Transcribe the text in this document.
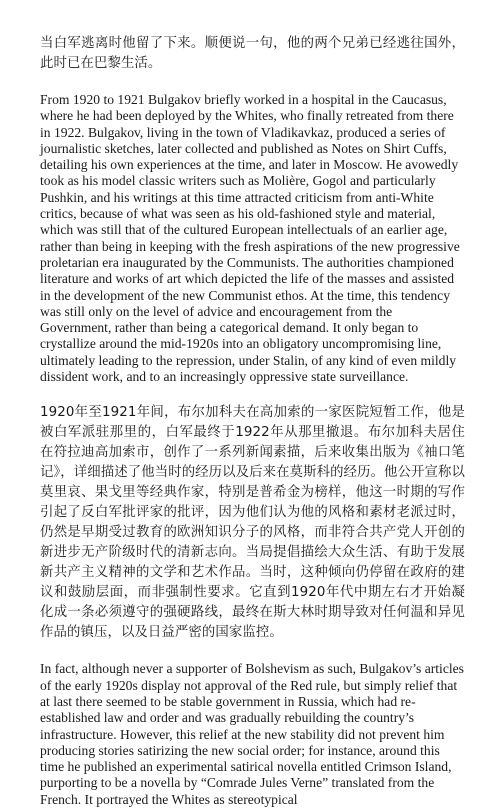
当白军逃离时他留了下来。顺便说一句，他的两个兄弟已经逃往国外，此时已在巴黎生活。

From 1920 to 1921 Bulgakov briefly worked in a hospital in the Caucasus, where he had been deployed by the Whites, who finally retreated from there in 1922. Bulgakov, living in the town of Vladikavkaz, produced a series of journalistic sketches, later collected and published as Notes on Shirt Cuffs, detailing his own experiences at the time, and later in Moscow. He avowedly took as his model classic writers such as Molière, Gogol and particularly Pushkin, and his writings at this time attracted criticism from anti-White critics, because of what was seen as his old-fashioned style and material, which was still that of the cultured European intellectuals of an earlier age, rather than being in keeping with the fresh aspirations of the new progressive proletarian era inaugurated by the Communists. The authorities championed literature and works of art which depicted the life of the masses and assisted in the development of the new Communist ethos. At the time, this tendency was still only on the level of advice and encouragement from the Government, rather than being a categorical demand. It only began to crystallize around the mid-1920s into an obligatory uncompromising line, ultimately leading to the repression, under Stalin, of any kind of even mildly dissident work, and to an increasingly oppressive state surveillance.

1920年至1921年间，布尔加科夫在高加索的一家医院短暂工作，他是被白军派驻那里的，白军最终于1922年从那里撤退。布尔加科夫居住在符拉迪高加索市，创作了一系列新闻素描，后来收集出版为《袖口笔记》，详细描述了他当时的经历以及后来在莫斯科的经历。他公开宣称以莫里哀、果戈里等经典作家，特别是普希金为榜样，他这一时期的写作引起了反白军批评家的批评，因为他们认为他的风格和素材老派过时，仍然是早期受过教育的欧洲知识分子的风格，而非符合共产党人开创的新进步无产阶级时代的清新志向。当局提倡描绘大众生活、有助于发展新共产主义精神的文学和艺术作品。当时，这种倾向仍停留在政府的建议和鼓励层面，而非强制性要求。它直到1920年代中期左右才开始凝化成一条必须遵守的强硬路线，最终在斯大林时期导致对任何温和异见作品的镇压，以及日益严密的国家监控。

In fact, although never a supporter of Bolshevism as such, Bulgakov’s articles of the early 1920s display not approval of the Red rule, but simply relief that at last there seemed to be stable government in Russia, which had re-established law and order and was gradually rebuilding the country’s infrastructure. However, this relief at the new stability did not prevent him producing stories satirizing the new social order; for instance, around this time he published an experimental satirical novella entitled Crimson Island, purporting to be a novella by “Comrade Jules Verne” translated from the French. It portrayed the Whites as stereotypical
